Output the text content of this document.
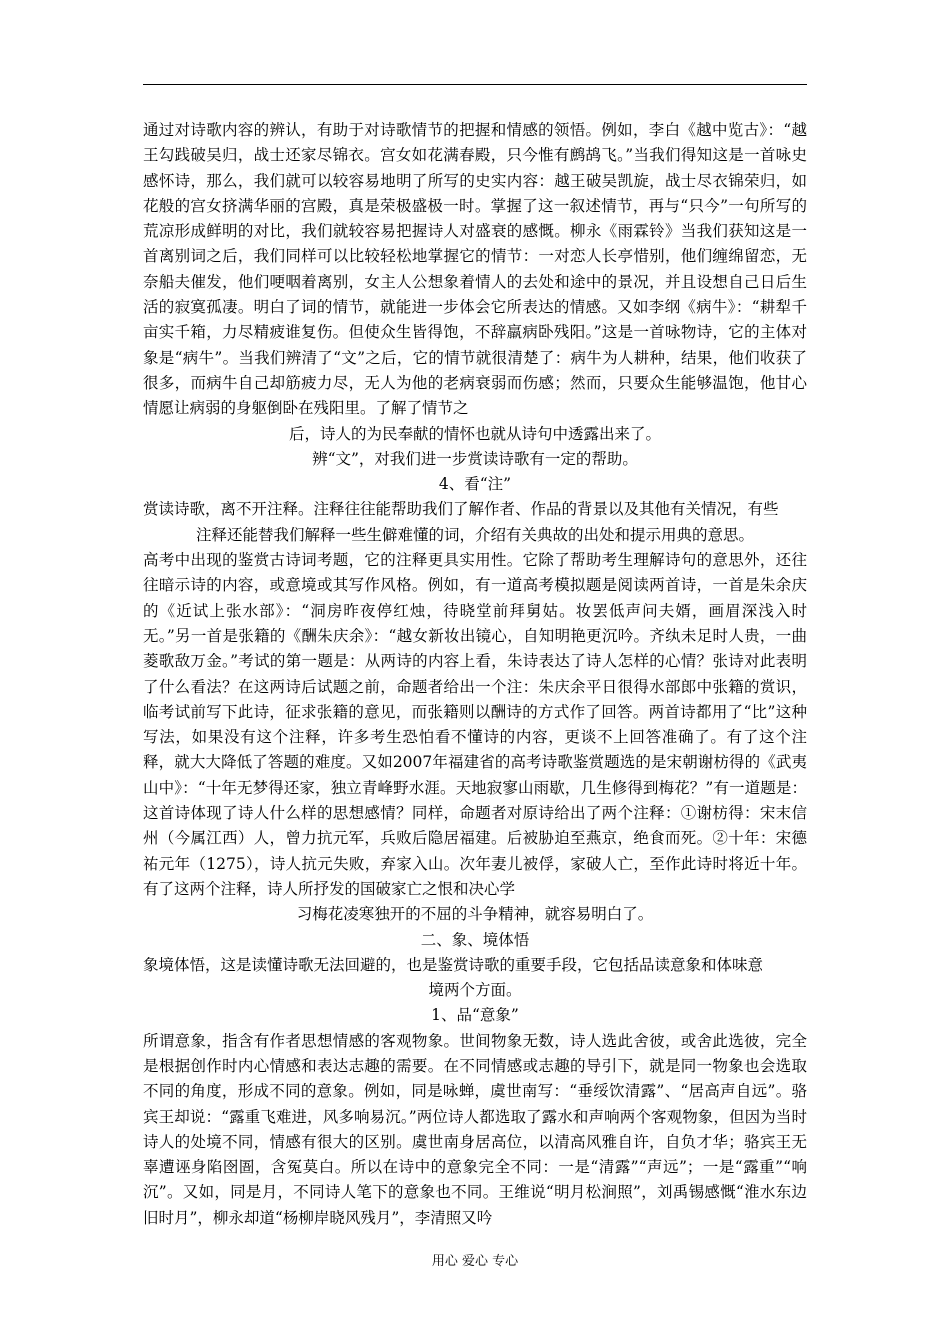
通过对诗歌内容的辨认，有助于对诗歌情节的把握和情感的领悟。例如，李白《越中览古》：“越王勾践破吴归，战士还家尽锦衣。宫女如花满春殿，只今惟有鹧鸪飞。”当我们得知这是一首咏史感怀诗，那么，我们就可以较容易地明了所写的史实内容：越王破吴凯旋，战士尽衣锦荣归，如花般的宫女挤满华丽的宫殿，真是荣极盛极一时。掌握了这一叙述情节，再与“只今”一句所写的荒凉形成鲜明的对比，我们就较容易把握诗人对盛衰的感慨。柳永《雨霖铃》当我们获知这是一首离别词之后，我们同样可以比较轻松地掌握它的情节：一对恋人长亭惜别，他们缠绵留恋，无奈船夫催发，他们哽咽着离别，女主人公想象着情人的去处和途中的景况，并且设想自己日后生活的寂寞孤凄。明白了词的情节，就能进一步体会它所表达的情感。又如李纲《病牛》：“耕犁千亩实千箱，力尽精疲谁复伤。但使众生皆得饱，不辞羸病卧残阳。”这是一首咏物诗，它的主体对象是“病牛”。当我们辨清了“文”之后，它的情节就很清楚了：病牛为人耕种，结果，他们收获了很多，而病牛自己却筋疲力尽，无人为他的老病衰弱而伤感；然而，只要众生能够温饱，他甘心情愿让病弱的身躯倒卧在残阳里。了解了情节之

后，诗人的为民奉献的情怀也就从诗句中透露出来了。

辨“文”，对我们进一步赏读诗歌有一定的帮助。

4、看“注”

赏读诗歌，离不开注释。注释往往能帮助我们了解作者、作品的背景以及其他有关情况，有些

注释还能替我们解释一些生僻难懂的词，介绍有关典故的出处和提示用典的意思。

高考中出现的鉴赏古诗词考题，它的注释更具实用性。它除了帮助考生理解诗句的意思外，还往往暗示诗的内容，或意境或其写作风格。例如，有一道高考模拟题是阅读两首诗，一首是朱余庆的《近试上张水部》：“洞房昨夜停红烛，待晓堂前拜舅姑。妆罢低声问夫婿，画眉深浅入时无。”另一首是张籍的《酬朱庆余》：“越女新妆出镜心，自知明艳更沉吟。齐纨未足时人贵，一曲菱歌敌万金。”考试的第一题是：从两诗的内容上看，朱诗表达了诗人怎样的心情？张诗对此表明了什么看法？在这两诗后试题之前，命题者给出一个注：朱庆余平日很得水部郎中张籍的赏识，临考试前写下此诗，征求张籍的意见，而张籍则以酬诗的方式作了回答。两首诗都用了“比”这种写法，如果没有这个注释，许多考生恐怕看不懂诗的内容，更谈不上回答准确了。有了这个注释，就大大降低了答题的难度。又如2007年福建省的高考诗歌鉴赏题选的是宋朝谢枋得的《武夷山中》：“十年无梦得还家，独立青峰野水涯。天地寂寥山雨歇，几生修得到梅花？”有一道题是：这首诗体现了诗人什么样的思想感情？同样，命题者对原诗给出了两个注释：①谢枋得：宋末信州（今属江西）人，曾力抗元军，兵败后隐居福建。后被胁迫至燕京，绝食而死。②十年：宋德祐元年（1275），诗人抗元失败，弃家入山。次年妻儿被俘，家破人亡，至作此诗时将近十年。有了这两个注释，诗人所抒发的国破家亡之恨和决心学

习梅花凌寒独开的不屈的斗争精神，就容易明白了。

二、象、境体悟

象境体悟，这是读懂诗歌无法回避的，也是鉴赏诗歌的重要手段，它包括品读意象和体味意

境两个方面。

1、品“意象”

所谓意象，指含有作者思想情感的客观物象。世间物象无数，诗人选此舍彼，或舍此选彼，完全是根据创作时内心情感和表达志趣的需要。在不同情感或志趣的导引下，就是同一物象也会选取不同的角度，形成不同的意象。例如，同是咏蝉，虞世南写：“垂绥饮清露”、“居高声自远”。骆宾王却说：“露重飞难进，风多响易沉。”两位诗人都选取了露水和声响两个客观物象，但因为当时诗人的处境不同，情感有很大的区别。虞世南身居高位，以清高风雅自许，自负才华；骆宾王无辜遭诬身陷囹圄，含冤莫白。所以在诗中的意象完全不同：一是“清露”“声远”；一是“露重”“响沉”。又如，同是月，不同诗人笔下的意象也不同。王维说“明月松涧照”，刘禹锡感慨“淮水东边旧时月”，柳永却道“杨柳岸晓风残月”，李清照又吟

用心 爱心 专心
